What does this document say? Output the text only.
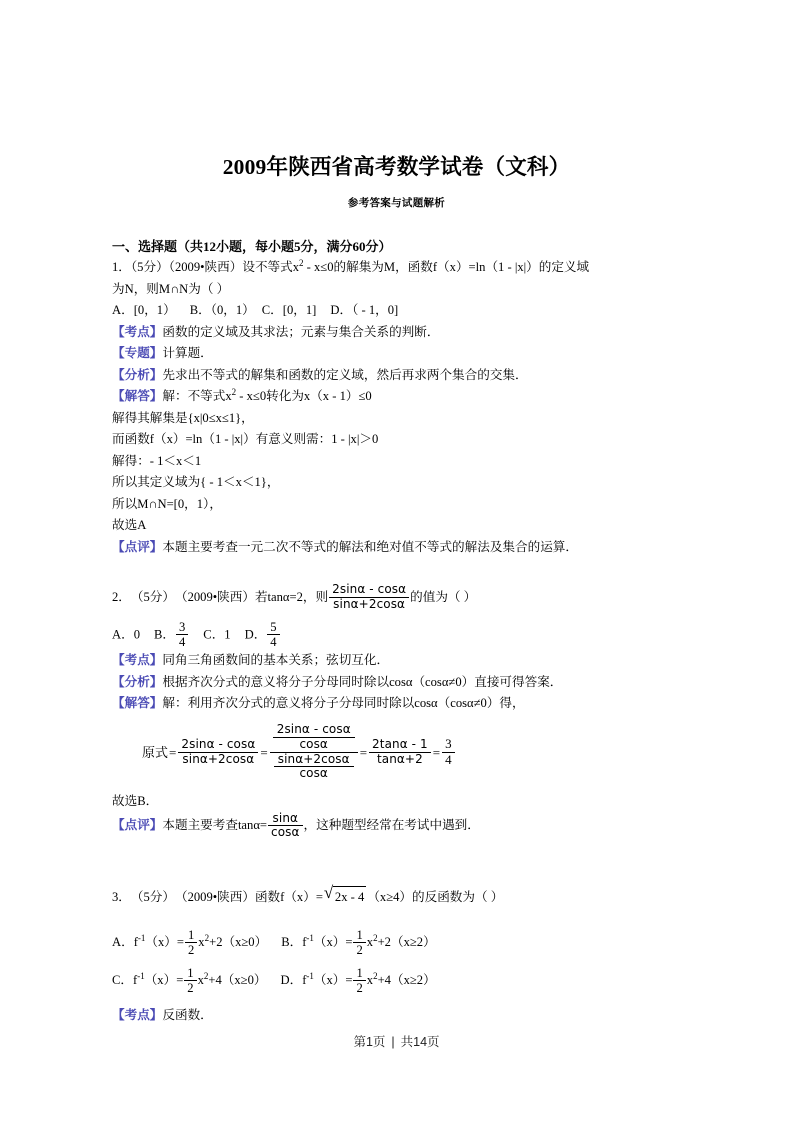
2009年陕西省高考数学试卷（文科）
参考答案与试题解析
一、选择题（共12小题，每小题5分，满分60分）
1．（5分）（2009•陕西）设不等式$x^2 - x\le 0$的解集为M，函数f（x）=ln（1 - |x|）的定义域
为N，则M∩N为（ ）
A．[0，1） B．（0，1） C．[0，1] D．（ - 1，0]
【考点】函数的定义域及其求法；元素与集合关系的判断．
【专题】计算题．
【分析】先求出不等式的解集和函数的定义域，然后再求两个集合的交集．
【解答】解：不等式$x^2 - x\le 0$转化为x（x - 1）≤0
解得其解集是{x|0≤x≤1}，
而函数f（x）=ln（1 - |x|）有意义则需：1 - |x|＞0
解得：- 1＜x＜1
所以其定义域为{ - 1＜x＜1}，
所以M∩N=[0，1），
故选A
【点评】本题主要考查一元二次不等式的解法和绝对值不等式的解法及集合的运算．
2． （5分） （2009•陕西） 若tanα=2，则 $\frac{2\sin\alpha - \cos\alpha}{\sin\alpha+2\cos\alpha}$ 的值为（ ）
A．0 B． $\frac{3}{4}$ C．1 D． $\frac{5}{4}$
【考点】同角三角函数间的基本关系；弦切互化．
【分析】根据齐次分式的意义将分子分母同时除以cosα（cosα≠0）直接可得答案．
【解答】解：利用齐次分式的意义将分子分母同时除以cosα（cosα≠0）得，
原式 = $\frac{2\sin\alpha - \cos\alpha}{\sin\alpha+2\cos\alpha} = \frac{\frac{2\sin\alpha - \cos\alpha}{\cos\alpha}}{\frac{\sin\alpha+2\cos\alpha}{\cos\alpha}} = \frac{2\tan\alpha - 1}{\tan\alpha+2} = \frac{3}{4}$
故选B．
【点评】本题主要考查$\tan\alpha= \frac{\sin\alpha}{\cos\alpha}$ ，这种题型经常在考试中遇到．
3． （5分） （2009•陕西） 函数f（x）= √ 2x - 4 （x≥4）的反函数为（ ）
A．$f^{-1}(x)= \frac{1}{2} x^2+2(x\ge 0)$ B．$f^{-1}(x)= \frac{1}{2} x^2+2(x\ge 2)$
C．$f^{-1}(x)= \frac{1}{2} x^2+4(x\ge 0)$ D．$f^{-1}(x)= \frac{1}{2} x^2+4(x\ge 2)$
【考点】反函数．
第1页 | 共14页
